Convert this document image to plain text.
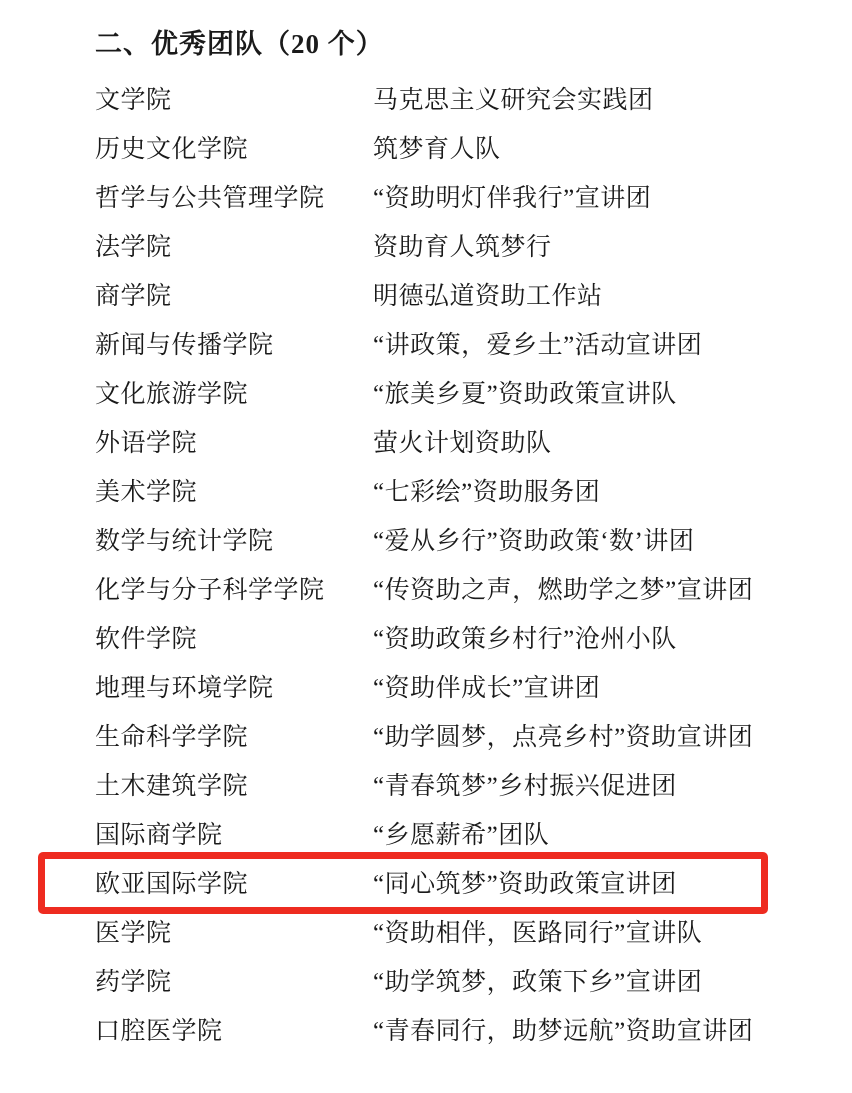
二、优秀团队（20 个）
文学院	马克思主义研究会实践团
历史文化学院	筑梦育人队
哲学与公共管理学院	“资助明灯伴我行”宣讲团
法学院	资助育人筑梦行
商学院	明德弘道资助工作站
新闻与传播学院	“讲政策，爱乡土”活动宣讲团
文化旅游学院	“旅美乡夏”资助政策宣讲队
外语学院	萤火计划资助队
美术学院	“七彩绘”资助服务团
数学与统计学院	“爱从乡行”资助政策‘数’讲团
化学与分子科学学院	“传资助之声，燃助学之梦”宣讲团
软件学院	“资助政策乡村行”沧州小队
地理与环境学院	“资助伴成长”宣讲团
生命科学学院	“助学圆梦，点亮乡村”资助宣讲团
土木建筑学院	“青春筑梦”乡村振兴促进团
国际商学院	“乡愿薪希”团队
欧亚国际学院	“同心筑梦”资助政策宣讲团
医学院	“资助相伴，医路同行”宣讲队
药学院	“助学筑梦，政策下乡”宣讲团
口腔医学院	“青春同行，助梦远航”资助宣讲团
